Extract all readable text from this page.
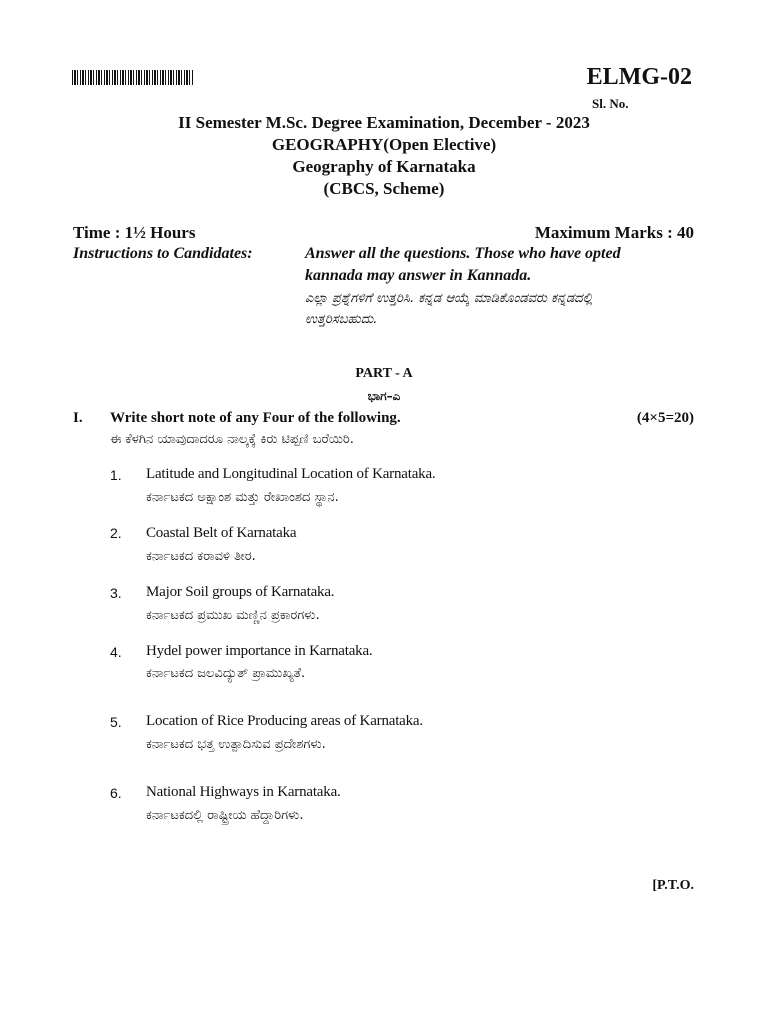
ELMG-02
Sl. No.
II Semester M.Sc. Degree Examination, December - 2023
GEOGRAPHY(Open Elective)
Geography of Karnataka
(CBCS, Scheme)
Time : 1½ Hours	Maximum Marks : 40
Instructions to Candidates:	Answer all the questions. Those who have opted
kannada may answer in Kannada.
ಎಲ್ಲಾ ಪ್ರಶ್ನೆಗಳಿಗೆ ಉತ್ತರಿಸಿ. ಕನ್ನಡ ಆಯ್ಕೆ ಮಾಡಿಕೊಂಡವರು ಕನ್ನಡದಲ್ಲಿ
ಉತ್ತರಿಸಬಹುದು.
PART - A
ಭಾಗ–ಎ
I. Write short note of any Four of the following.	(4×5=20)
ಈ ಕೆಳಗಿನ ಯಾವುದಾದರೂ ನಾಲ್ಕಕ್ಕೆ ಕಿರು ಟಿಪ್ಪಣಿ ಬರೆಯಿರಿ.
1. Latitude and Longitudinal Location of Karnataka.
ಕರ್ನಾಟಕದ ಅಕ್ಷಾಂಶ ಮತ್ತು ರೇಖಾಂಶದ ಸ್ಥಾನ.
2. Coastal Belt of Karnataka
ಕರ್ನಾಟಕದ ಕರಾವಳಿ ತೀರ.
3. Major Soil groups of Karnataka.
ಕರ್ನಾಟಕದ ಪ್ರಮುಖ ಮಣ್ಣಿನ ಪ್ರಕಾರಗಳು.
4. Hydel power importance in Karnataka.
ಕರ್ನಾಟಕದ ಜಲವಿದ್ಯುತ್ ಪ್ರಾಮುಖ್ಯತೆ.
5. Location of Rice Producing areas of Karnataka.
ಕರ್ನಾಟಕದ ಭತ್ತ ಉತ್ಪಾದಿಸುವ ಪ್ರದೇಶಗಳು.
6. National Highways in Karnataka.
ಕರ್ನಾಟಕದಲ್ಲಿ ರಾಷ್ಟ್ರೀಯ ಹೆದ್ದಾರಿಗಳು.
[P.T.O.
